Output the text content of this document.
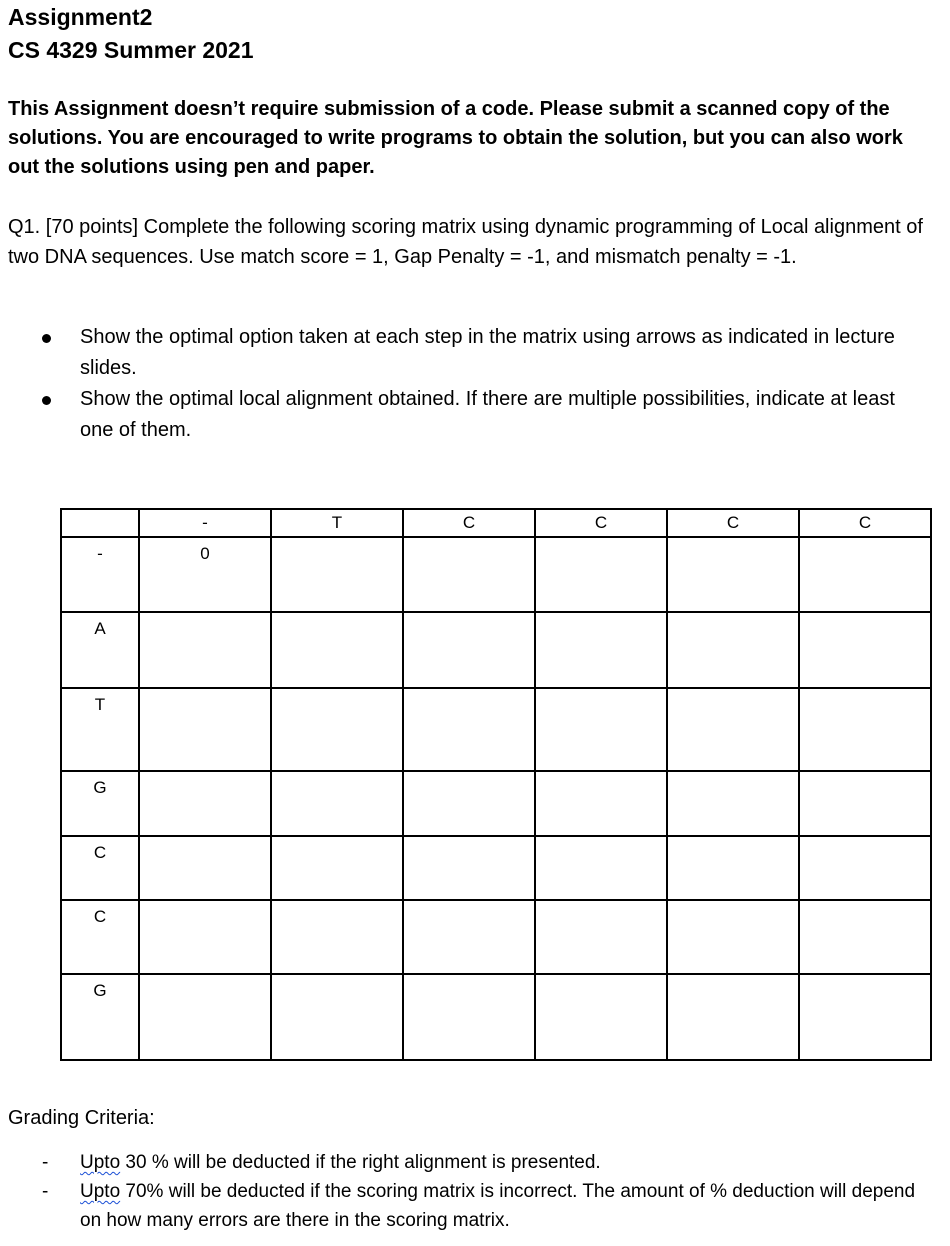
Assignment2
CS 4329 Summer 2021
This Assignment doesn’t require submission of a code. Please submit a scanned copy of the solutions. You are encouraged to write programs to obtain the solution, but you can also work out the solutions using pen and paper.
Q1. [70 points] Complete the following scoring matrix using dynamic programming of Local alignment of two DNA sequences. Use match score = 1, Gap Penalty = -1, and mismatch penalty = -1.
Show the optimal option taken at each step in the matrix using arrows as indicated in lecture slides.
Show the optimal local alignment obtained. If there are multiple possibilities, indicate at least one of them.
	-	T	C	C	C	C
-	0					
A						
T						
G						
C						
C						
G						
Grading Criteria:
- Upto 30 % will be deducted if the right alignment is presented.
- Upto 70% will be deducted if the scoring matrix is incorrect. The amount of % deduction will depend on how many errors are there in the scoring matrix.
